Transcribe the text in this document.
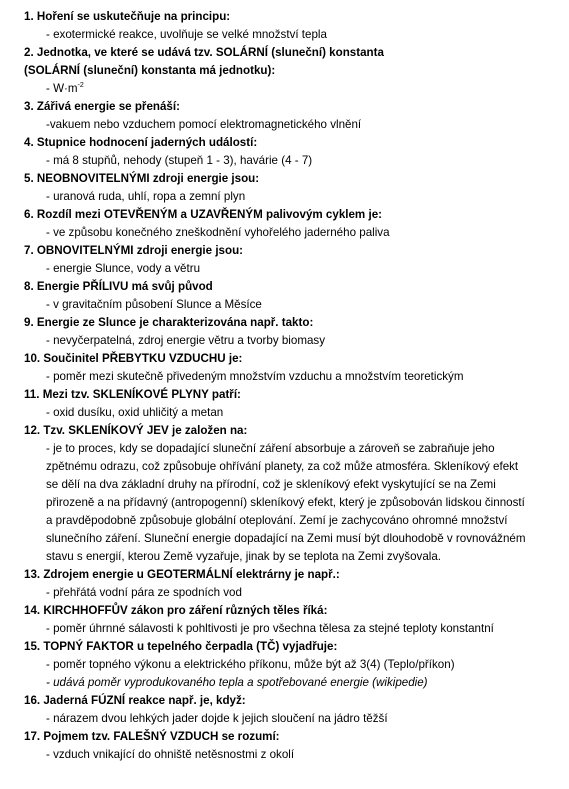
1. Hoření se uskutečňuje na principu:
- exotermické reakce, uvolňuje se velké množství tepla
2. Jednotka, ve které se udává tzv. SOLÁRNÍ (sluneční) konstanta
(SOLÁRNÍ (sluneční) konstanta má jednotku):
- $W\cdot m^{-2}$
3. Zářivá energie se přenáší:
-vakuem nebo vzduchem pomocí elektromagnetického vlnění
4. Stupnice hodnocení jaderných událostí:
- má 8 stupňů, nehody (stupeň 1 - 3), havárie (4 - 7)
5. NEOBNOVITELNÝMI zdroji energie jsou:
- uranová ruda, uhlí, ropa a zemní plyn
6. Rozdíl mezi OTEVŘENÝM a UZAVŘENÝM palivovým cyklem je:
- ve způsobu konečného zneškodnění vyhořelého jaderného paliva
7. OBNOVITELNÝMI zdroji energie jsou:
- energie Slunce, vody a větru
8. Energie PŘÍLIVU má svůj původ
- v gravitačním působení Slunce a Měsíce
9. Energie ze Slunce je charakterizována např. takto:
- nevyčerpatelná, zdroj energie větru a tvorby biomasy
10. Součinitel PŘEBYTKU VZDUCHU je:
- poměr mezi skutečně přivedeným množstvím vzduchu a množstvím teoretickým
11. Mezi tzv. SKLENÍKOVÉ PLYNY patří:
- oxid dusíku, oxid uhličitý a metan
12. Tzv. SKLENÍKOVÝ JEV je založen na:
- je to proces, kdy se dopadající sluneční záření absorbuje a zároveň se zabraňuje jeho
zpětnému odrazu, což způsobuje ohřívání planety, za což může atmosféra. Skleníkový efekt
se dělí na dva základní druhy na přírodní, což je skleníkový efekt vyskytující se na Zemi
přirozeně a na přídavný (antropogenní) skleníkový efekt, který je způsobován lidskou činností
a pravděpodobně způsobuje globální oteplování. Zemí je zachycováno ohromné množství
slunečního záření. Sluneční energie dopadající na Zemi musí být dlouhodobě v rovnovážném
stavu s energií, kterou Země vyzařuje, jinak by se teplota na Zemi zvyšovala.
13. Zdrojem energie u GEOTERMÁLNÍ elektrárny je např.:
- přehřátá vodní pára ze spodních vod
14. KIRCHHOFFŮV zákon pro záření různých těles říká:
- poměr úhrnné sálavosti k pohltivosti je pro všechna tělesa za stejné teploty konstantní
15. TOPNÝ FAKTOR u tepelného čerpadla (TČ) vyjadřuje:
- poměr topného výkonu a elektrického příkonu, může být až 3(4) (Teplo/příkon)
- udává poměr vyprodukovaného tepla a spotřebované energie (wikipedie)
16. Jaderná FÚZNÍ reakce např. je, když:
- nárazem dvou lehkých jader dojde k jejich sloučení na jádro těžší
17. Pojmem tzv. FALEŠNÝ VZDUCH se rozumí:
- vzduch vnikající do ohniště netěsnostmi z okolí
